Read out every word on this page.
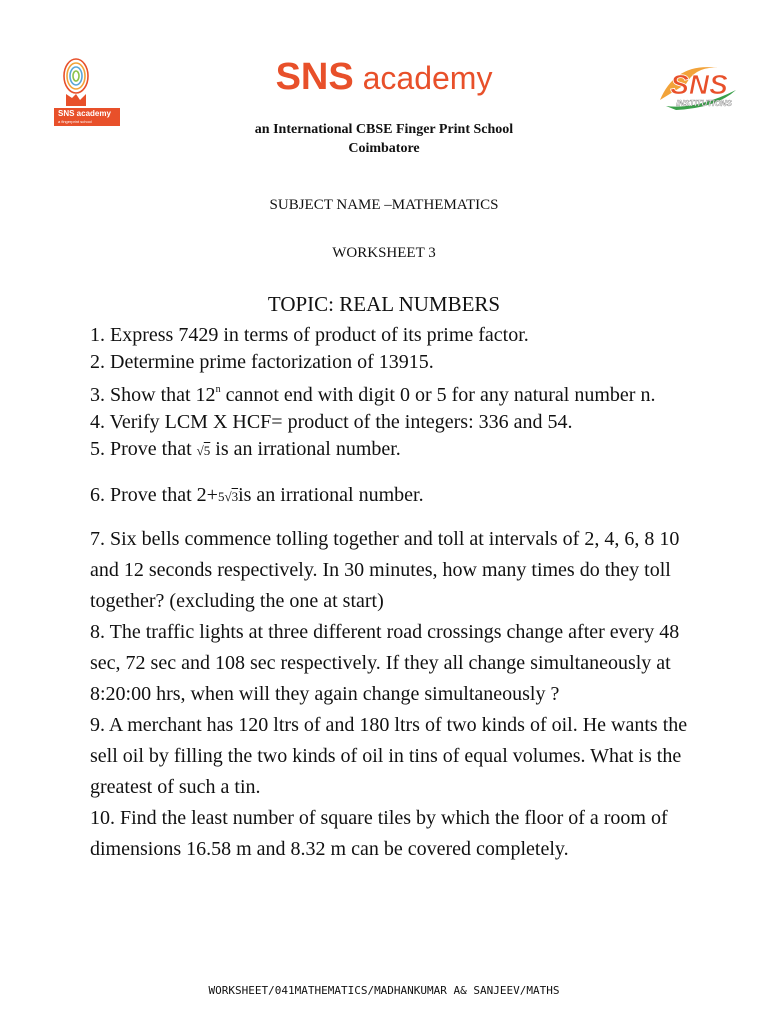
SNS academy
a fingerprint school
SNS academy	SNS
INSTITUTIONS
an International CBSE Finger Print School
Coimbatore
SUBJECT NAME –MATHEMATICS
WORKSHEET 3
TOPIC: REAL NUMBERS

1. Express 7429 in terms of product of its prime factor.

2. Determine prime factorization of 13915.

3. Show that 12$^n$ cannot end with digit 0 or 5 for any natural number n.

4. Verify LCM X HCF= product of the integers: 336 and 54.

5. Prove that √5 is an irrational number.

6. Prove that 2+5√3is an irrational number.

7. Six bells commence tolling together and toll at intervals of 2, 4, 6, 8 10 and 12 seconds respectively. In 30 minutes, how many times do they toll together? (excluding the one at start)

8. The traffic lights at three different road crossings change after every 48 sec, 72 sec and 108 sec respectively. If they all change simultaneously at 8:20:00 hrs, when will they again change simultaneously ?

9. A merchant has 120 ltrs of and 180 ltrs of two kinds of oil. He wants the sell oil by filling the two kinds of oil in tins of equal volumes. What is the greatest of such a tin.

10. Find the least number of square tiles by which the floor of a room of dimensions 16.58 m and 8.32 m can be covered completely.

WORKSHEET/041MATHEMATICS/MADHANKUMAR A& SANJEEV/MATHS
